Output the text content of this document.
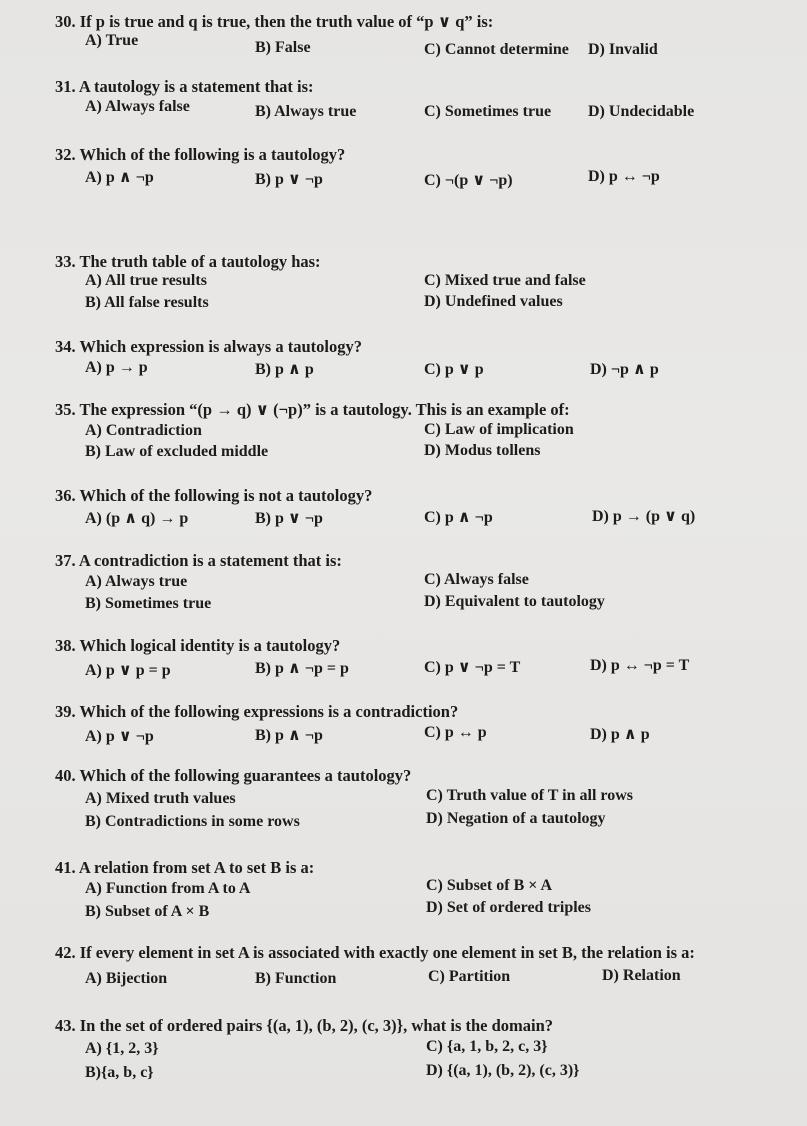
30. If p is true and q is true, then the truth value of “p ∨ q” is:
A) True	B) False	C) Cannot determine D) Invalid
31. A tautology is a statement that is:
A) Always false	B) Always true	C) Sometimes true D) Undecidable
32. Which of the following is a tautology?
A) p ∧ ¬p	B) p ∨ ¬p	C) ¬(p ∨ ¬p)	D) p ↔ ¬p
33. The truth table of a tautology has:
A) All true results	C) Mixed true and false
B) All false results	D) Undefined values
34. Which expression is always a tautology?
A) p → p	B) p ∧ p	C) p ∨ p	D) ¬p ∧ p
35. The expression “(p → q) ∨ (¬p)” is a tautology. This is an example of:
A) Contradiction	C) Law of implication
B) Law of excluded middle	D) Modus tollens
36. Which of the following is not a tautology?
A) (p ∧ q) → p	B) p ∨ ¬p	C) p ∧ ¬p	D) p → (p ∨ q)
37. A contradiction is a statement that is:
A) Always true	C) Always false
B) Sometimes true	D) Equivalent to tautology
38. Which logical identity is a tautology?
A) p ∨ p = p	B) p ∧ ¬p = p	C) p ∨ ¬p = T	D) p ↔ ¬p = T
39. Which of the following expressions is a contradiction?
A) p ∨ ¬p	B) p ∧ ¬p	C) p ↔ p	D) p ∧ p
40. Which of the following guarantees a tautology?
A) Mixed truth values	C) Truth value of T in all rows
B) Contradictions in some rows	D) Negation of a tautology
41. A relation from set A to set B is a:
A) Function from A to A	C) Subset of B × A
B) Subset of A × B	D) Set of ordered triples
42. If every element in set A is associated with exactly one element in set B, the relation is a:
A) Bijection	B) Function	C) Partition	D) Relation
43. In the set of ordered pairs {(a, 1), (b, 2), (c, 3)}, what is the domain?
A) {1, 2, 3}	C) {a, 1, b, 2, c, 3}
B){a, b, c}	D) {(a, 1), (b, 2), (c, 3)}
